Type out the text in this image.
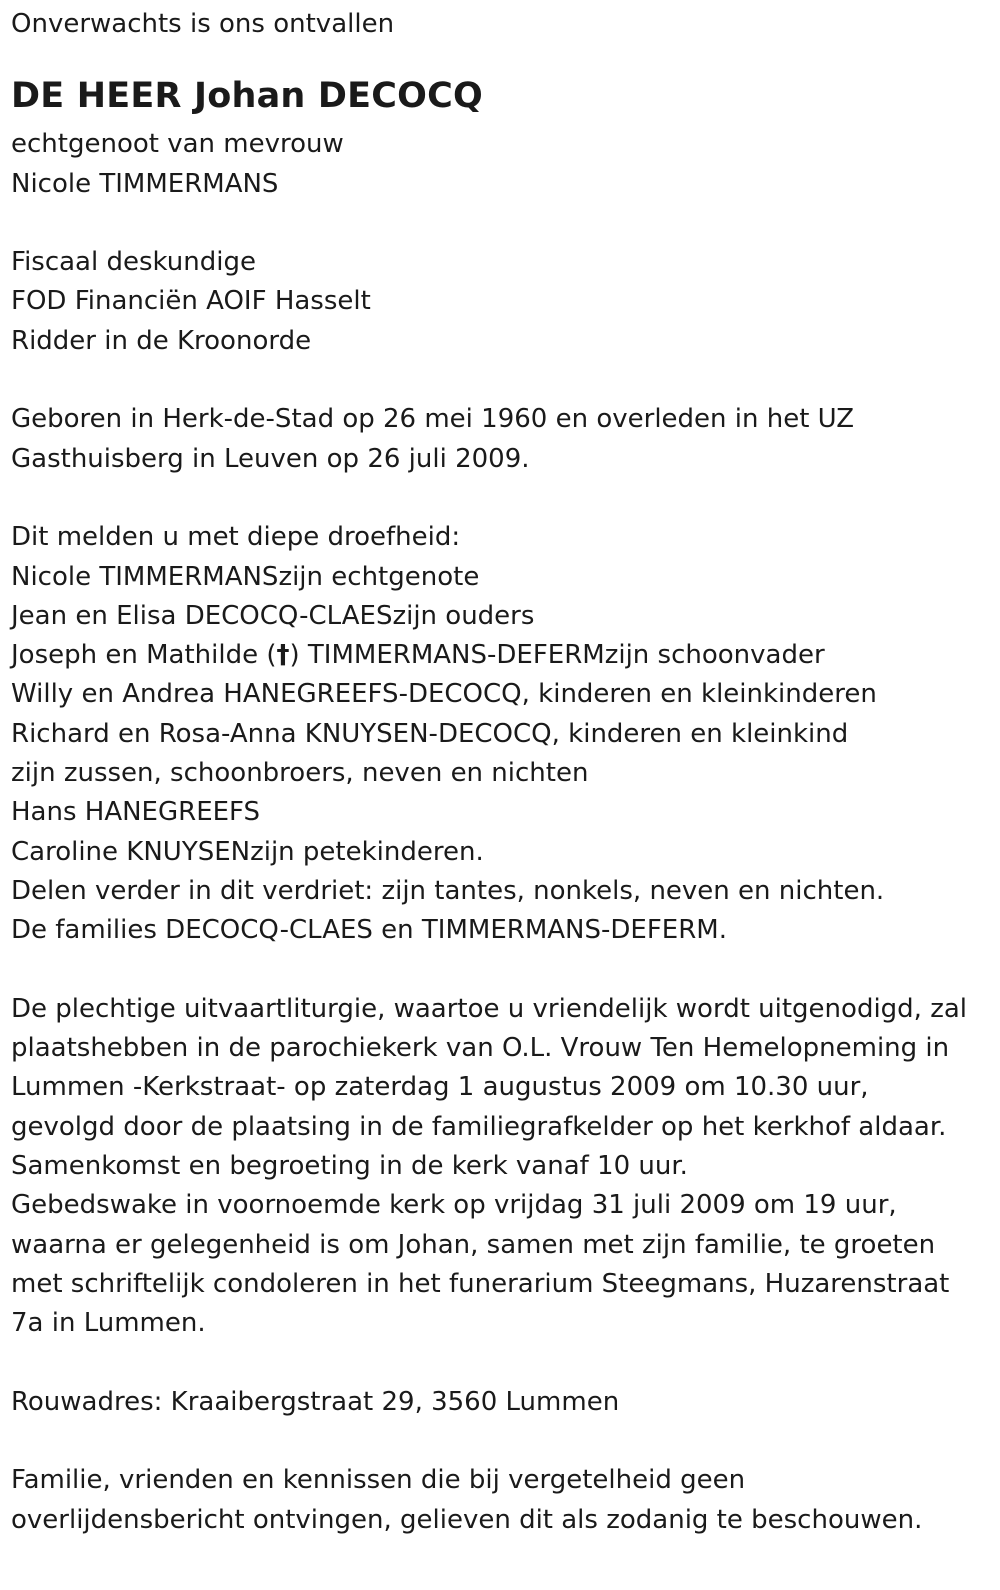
Onverwachts is ons ontvallen
DE HEER Johan DECOCQ
echtgenoot van mevrouw
Nicole TIMMERMANS
Fiscaal deskundige
FOD Financiën AOIF Hasselt
Ridder in de Kroonorde
Geboren in Herk-de-Stad op 26 mei 1960 en overleden in het UZ
Gasthuisberg in Leuven op 26 juli 2009.
Dit melden u met diepe droefheid:
Nicole TIMMERMANSzijn echtgenote
Jean en Elisa DECOCQ-CLAESzijn ouders
Joseph en Mathilde (†) TIMMERMANS-DEFERMzijn schoonvader
Willy en Andrea HANEGREEFS-DECOCQ, kinderen en kleinkinderen
Richard en Rosa-Anna KNUYSEN-DECOCQ, kinderen en kleinkind
zijn zussen, schoonbroers, neven en nichten
Hans HANEGREEFS
Caroline KNUYSENzijn petekinderen.
Delen verder in dit verdriet: zijn tantes, nonkels, neven en nichten.
De families DECOCQ-CLAES en TIMMERMANS-DEFERM.
De plechtige uitvaartliturgie, waartoe u vriendelijk wordt uitgenodigd, zal
plaatshebben in de parochiekerk van O.L. Vrouw Ten Hemelopneming in
Lummen -Kerkstraat- op zaterdag 1 augustus 2009 om 10.30 uur,
gevolgd door de plaatsing in de familiegrafkelder op het kerkhof aldaar.
Samenkomst en begroeting in de kerk vanaf 10 uur.
Gebedswake in voornoemde kerk op vrijdag 31 juli 2009 om 19 uur,
waarna er gelegenheid is om Johan, samen met zijn familie, te groeten
met schriftelijk condoleren in het funerarium Steegmans, Huzarenstraat
7a in Lummen.
Rouwadres: Kraaibergstraat 29, 3560 Lummen
Familie, vrienden en kennissen die bij vergetelheid geen
overlijdensbericht ontvingen, gelieven dit als zodanig te beschouwen.
